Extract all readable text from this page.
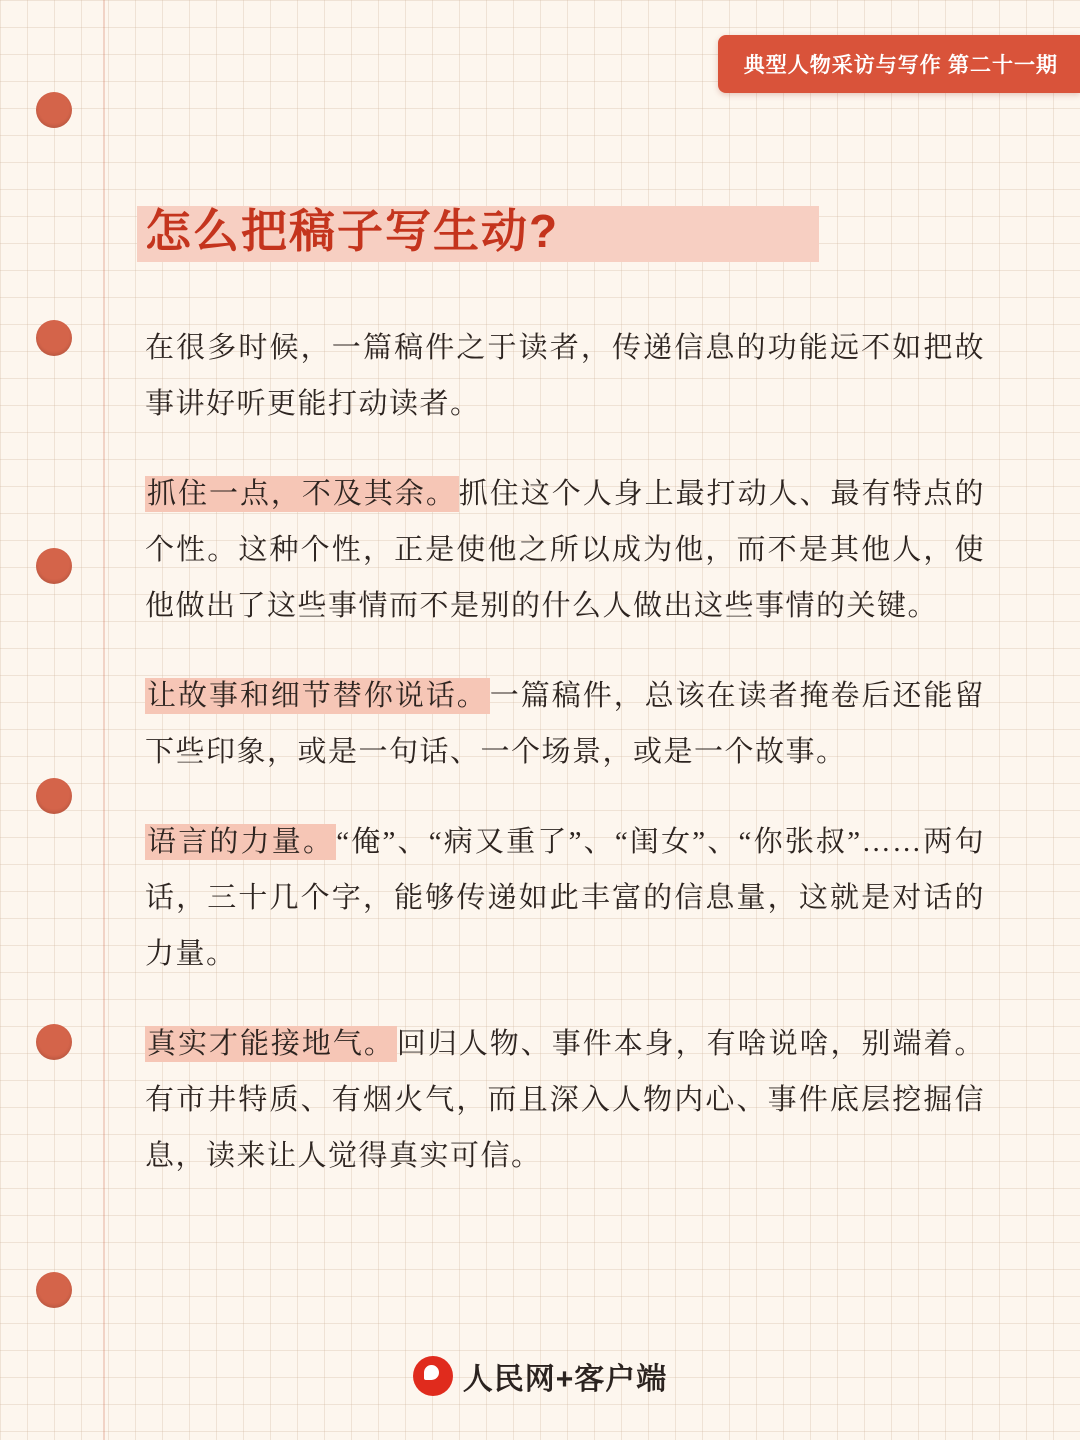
典型人物采访与写作 第二十一期
怎么把稿子写生动?

在很多时候，一篇稿件之于读者，传递信息的功能远不如把故事讲好听更能打动读者。

抓住一点，不及其余。抓住这个人身上最打动人、最有特点的个性。这种个性，正是使他之所以成为他，而不是其他人，使他做出了这些事情而不是别的什么人做出这些事情的关键。

让故事和细节替你说话。一篇稿件，总该在读者掩卷后还能留下些印象，或是一句话、一个场景，或是一个故事。

语言的力量。“俺”、“病又重了”、“闺女”、“你张叔”……两句话，三十几个字，能够传递如此丰富的信息量，这就是对话的力量。

真实才能接地气。回归人物、事件本身，有啥说啥，别端着。有市井特质、有烟火气，而且深入人物内心、事件底层挖掘信息，读来让人觉得真实可信。

人民网+客户端
